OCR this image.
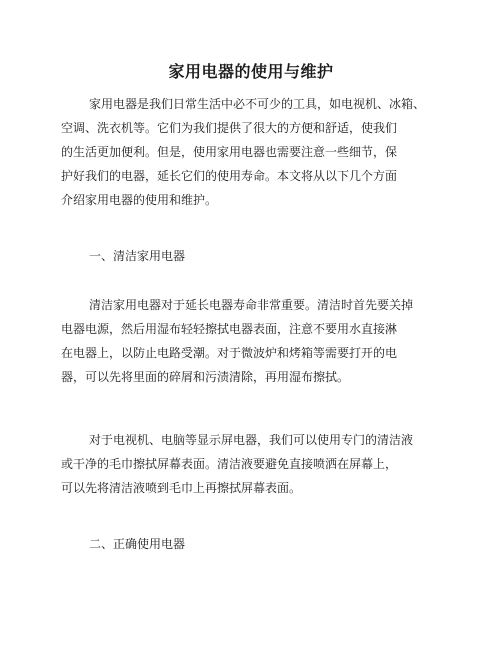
家用电器的使用与维护
家用电器是我们日常生活中必不可少的工具，如电视机、冰箱、
空调、洗衣机等。它们为我们提供了很大的方便和舒适，使我们
的生活更加便利。但是，使用家用电器也需要注意一些细节，保
护好我们的电器，延长它们的使用寿命。本文将从以下几个方面
介绍家用电器的使用和维护。
一、清洁家用电器
清洁家用电器对于延长电器寿命非常重要。清洁时首先要关掉
电器电源，然后用湿布轻轻擦拭电器表面，注意不要用水直接淋
在电器上，以防止电路受潮。对于微波炉和烤箱等需要打开的电
器，可以先将里面的碎屑和污渍清除，再用湿布擦拭。
对于电视机、电脑等显示屏电器，我们可以使用专门的清洁液
或干净的毛巾擦拭屏幕表面。清洁液要避免直接喷洒在屏幕上，
可以先将清洁液喷到毛巾上再擦拭屏幕表面。
二、正确使用电器
